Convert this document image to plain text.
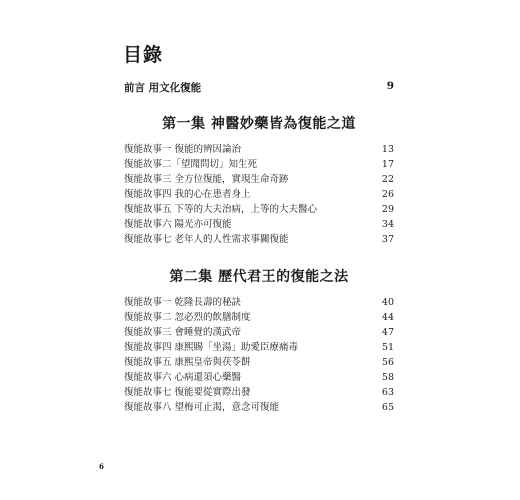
目錄
前言 用文化復能	9
第一集 神醫妙藥皆為復能之道
復能故事一 復能的辨因論治	13
復能故事二「望聞問切」知生死	17
復能故事三 全方位復能，實現生命奇跡	22
復能故事四 我的心在患者身上	26
復能故事五 下等的大夫治病，上等的大夫醫心	29
復能故事六 陽光亦可復能	34
復能故事七 老年人的人性需求事關復能	37
第二集 歷代君王的復能之法
復能故事一 乾隆長壽的秘訣	40
復能故事二 忽必烈的飲膳制度	44
復能故事三 會睡覺的漢武帝	47
復能故事四 康熙賜「坐湯」助愛臣療痛毒	51
復能故事五 康熙皇帝與茯苓餅	56
復能故事六 心病還須心藥醫	58
復能故事七 復能要從實際出發	63
復能故事八 望梅可止渴，意念可復能	65
6
